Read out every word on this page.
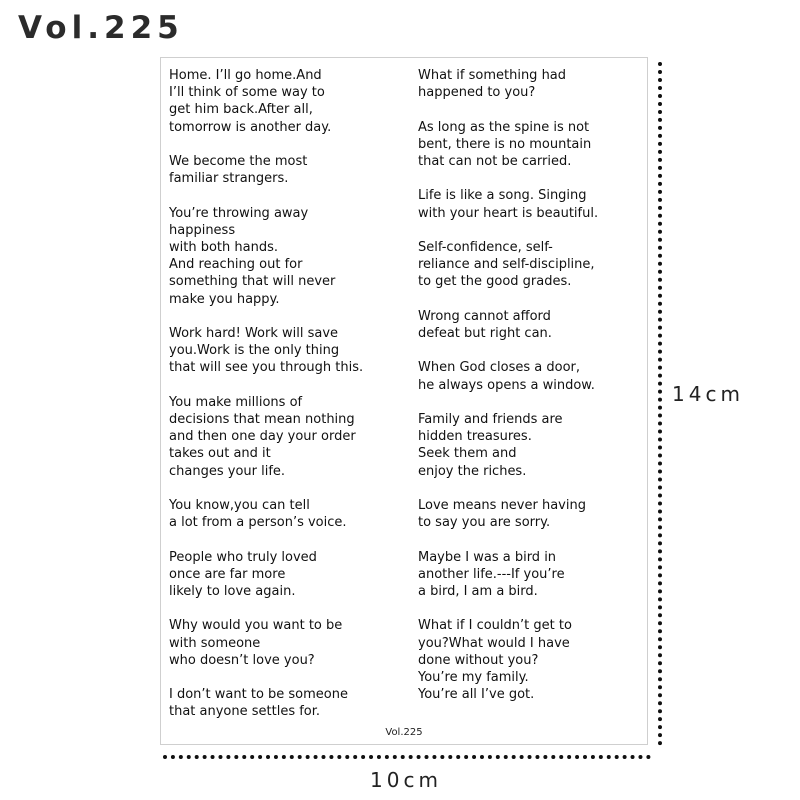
Vol.225
Home. I’ll go home.And
I’ll think of some way to
get him back.After all,
tomorrow is another day.
We become the most
familiar strangers.
You’re throwing away
happiness
with both hands.
And reaching out for
something that will never
make you happy.
Work hard! Work will save
you.Work is the only thing
that will see you through this.
You make millions of
decisions that mean nothing
and then one day your order
takes out and it
changes your life.
You know,you can tell
a lot from a person’s voice.
People who truly loved
once are far more
likely to love again.
Why would you want to be
with someone
who doesn’t love you?
I don’t want to be someone
that anyone settles for.
What if something had
happened to you?
As long as the spine is not
bent, there is no mountain
that can not be carried.
Life is like a song. Singing
with your heart is beautiful.
Self-confidence, self-
reliance and self-discipline,
to get the good grades.
Wrong cannot afford
defeat but right can.
When God closes a door,
he always opens a window.
Family and friends are
hidden treasures.
Seek them and
enjoy the riches.
Love means never having
to say you are sorry.
Maybe I was a bird in
another life.---If you’re
a bird, I am a bird.
What if I couldn’t get to
you?What would I have
done without you?
You’re my family.
You’re all I’ve got.
Vol.225
14cm
10cm
